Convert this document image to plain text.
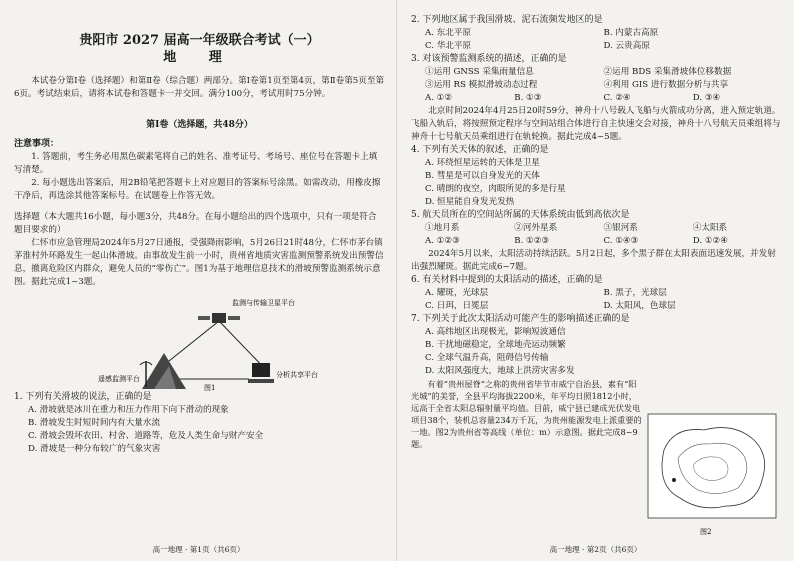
贵阳市 2027 届高一年级联合考试（一）
地 理

本试卷分第Ⅰ卷（选择题）和第Ⅱ卷（综合题）两部分。第Ⅰ卷第1页至第4页，第Ⅱ卷第5页至第6页。考试结束后，请将本试卷和答题卡一并交回。满分100分，考试用时75分钟。

第Ⅰ卷（选择题，共48分）
注意事项：

1. 答题前，考生务必用黑色碳素笔将自己的姓名、准考证号、考场号、座位号在答题卡上填写清楚。

2. 每小题选出答案后，用2B铅笔把答题卡上对应题目的答案标号涂黑。如需改动，用橡皮擦干净后，再选涂其他答案标号。在试题卷上作答无效。

选择题（本大题共16小题，每小题3分，共48分。在每小题给出的四个选项中，只有一项是符合题目要求的）

仁怀市应急管理局2024年5月27日通报，受强降雨影响，5月26日21时48分，仁怀市茅台镇茅淮村外环路发生一起山体滑坡。由事故发生前一小时，贵州省地质灾害监测预警系统发出预警信息，撤离危险区内群众，避免人员的“零伤亡”。图1为基于地理信息技术的滑坡预警监测系统示意图。据此完成1~3题。

监测与传输卫星平台
遥感监测平台	分析共享平台
图1

1. 下列有关滑坡的说法，正确的是

A. 滑坡就是冰川在重力和压力作用下向下滑动的现象

B. 滑坡发生时短时间内有大量水流

C. 滑坡会毁坏农田、村舍、道路等，危及人类生命与财产安全

D. 滑坡是一种分布较广的气象灾害

高一地理 · 第1页（共6页）

2. 下列地区属于我国滑坡、泥石流频发地区的是

A. 东北平原	B. 内蒙古高原
C. 华北平原	D. 云贵高原

3. 对该预警监测系统的描述，正确的是

①运用 GNSS 采集雨量信息	②运用 BDS 采集滑坡体位移数据
③运用 RS 模拟滑坡动态过程	④利用 GIS 进行数据分析与共享
A. ①②	B. ①③	C. ②④	D. ③④

北京时间2024年4月25日20时59分，神舟十八号载人飞船与火箭成功分离，进入预定轨道。飞船入轨后，将按照预定程序与空间站组合体进行自主快速交会对接，神舟十八号航天员乘组将与神舟十七号航天员乘组进行在轨轮换。据此完成4~5题。

4. 下列有关天体的叙述，正确的是

A. 环绕恒星运转的天体是卫星

B. 彗星是可以自身发光的天体

C. 晴朗的夜空，肉眼所见的多是行星

D. 恒星能自身发光发热

5. 航天员所在的空间站所属的天体系统由低到高依次是

①地月系	②河外星系	③银河系	④太阳系
A. ①②③	B. ①②③	C. ①④③	D. ①②④

2024年5月以来，太阳活动持续活跃。5月2日起，多个黑子群在太阳表面迅速发展，并发射出强烈耀斑。据此完成6~7题。

6. 有关材料中提到的太阳活动的描述，正确的是

A. 耀斑，光球层	B. 黑子，光球层
C. 日珥，日冕层	D. 太阳风，色球层

7. 下列关于此次太阳活动可能产生的影响描述正确的是

A. 高纬地区出现极光，影响短波通信

B. 干扰地磁稳定，全球地壳运动频繁

C. 全球气温升高，阻碍信号传输

D. 太阳风强度大，地球上洪涝灾害多发

有着“贵州屋脊”之称的贵州省毕节市威宁自治县，素有“阳光城”的美誉，全县平均海拔2200米，年平均日照1812小时，远高于全省太阳总辐射量平均值。目前，威宁县已建成光伏发电项目38个，装机总容量234万千瓦，为贵州能源发电上派重要的一地。图2为贵州省等高线（单位：m）示意图。据此完成8~9题。

图2
高一地理 · 第2页（共6页）
